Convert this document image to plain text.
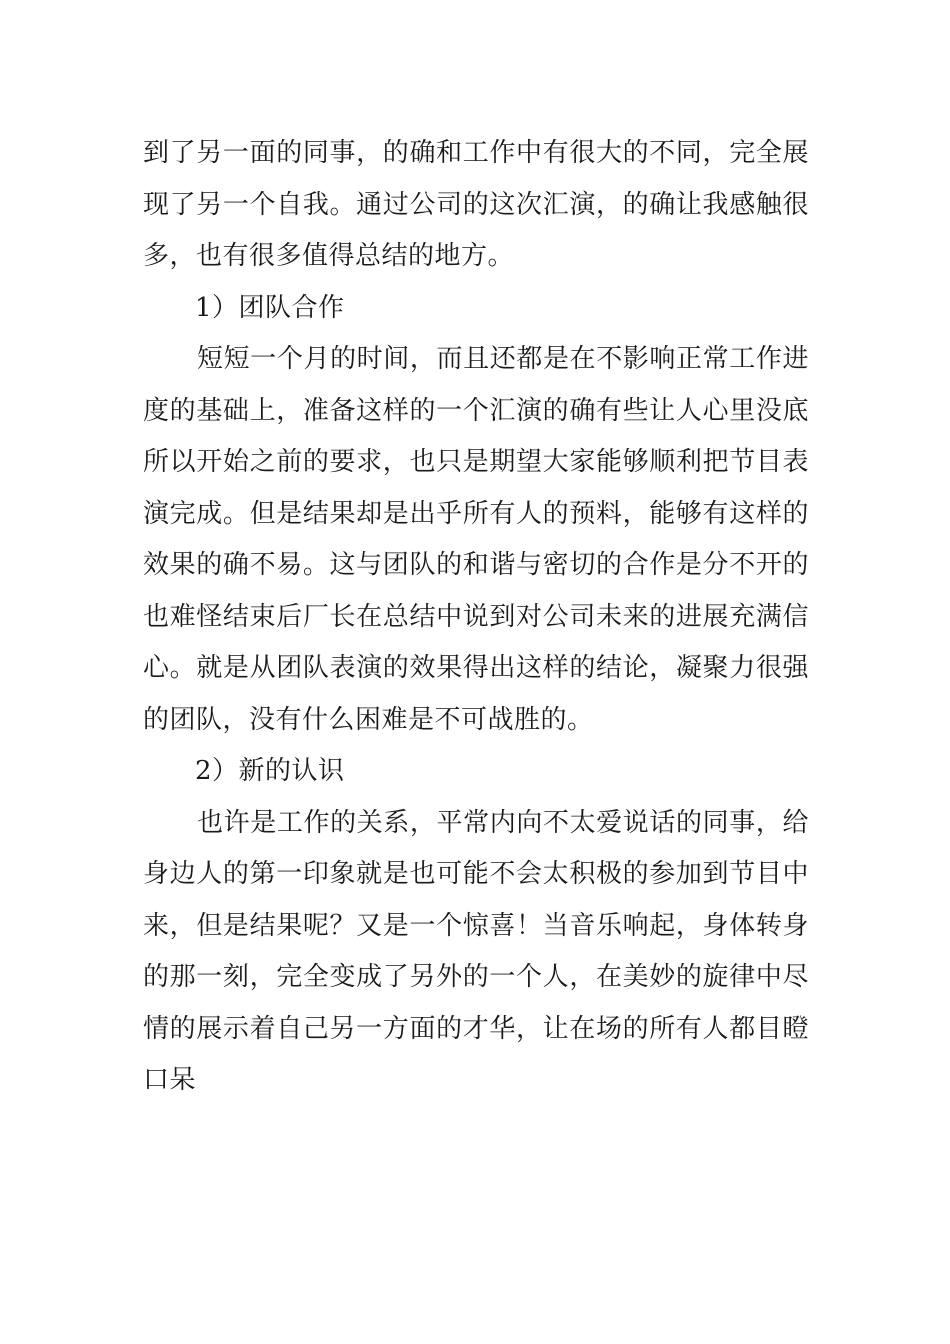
到了另一面的同事，的确和工作中有很大的不同，完全展现了另一个自我。通过公司的这次汇演，的确让我感触很多，也有很多值得总结的地方。

1）团队合作

短短一个月的时间，而且还都是在不影响正常工作进度的基础上，准备这样的一个汇演的确有些让人心里没底所以开始之前的要求，也只是期望大家能够顺利把节目表演完成。但是结果却是出乎所有人的预料，能够有这样的效果的确不易。这与团队的和谐与密切的合作是分不开的也难怪结束后厂长在总结中说到对公司未来的进展充满信心。就是从团队表演的效果得出这样的结论，凝聚力很强的团队，没有什么困难是不可战胜的。

2）新的认识

也许是工作的关系，平常内向不太爱说话的同事，给身边人的第一印象就是也可能不会太积极的参加到节目中来，但是结果呢？又是一个惊喜！当音乐响起，身体转身的那一刻，完全变成了另外的一个人，在美妙的旋律中尽情的展示着自己另一方面的才华，让在场的所有人都目瞪口呆
